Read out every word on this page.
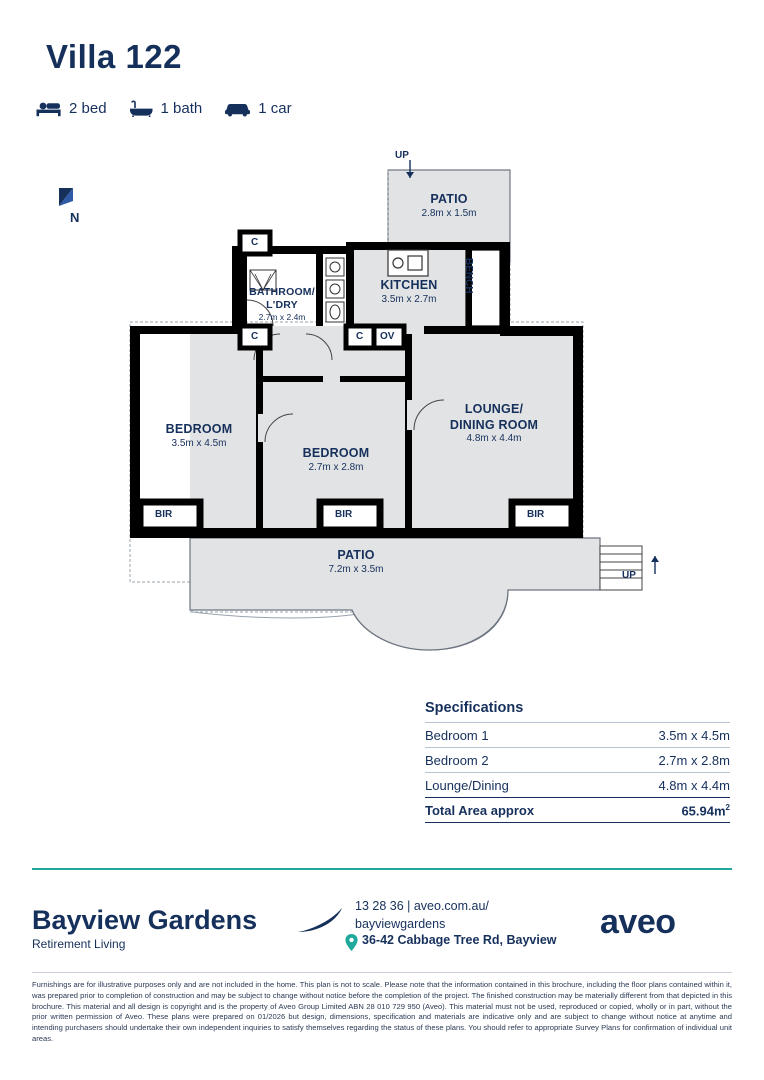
Villa 122
2 bed	1 bath	1 car
N
PATIO
2.8m x 1.5m
KITCHEN
3.5m x 2.7m
BATHROOM/
L'DRY
2.7m x 2.4m
BEDROOM
3.5m x 4.5m
BEDROOM
2.7m x 2.8m
LOUNGE/
DINING ROOM
4.8m x 4.4m
PATIO
7.2m x 3.5m
UP
UP
BENCH
BIR	BIR	BIR
C
C	C OV
Specifications
Bedroom 1	3.5m x 4.5m
Bedroom 2	2.7m x 2.8m
Lounge/Dining	4.8m x 4.4m
Total Area approx	$65.94m^2$
Bayview Gardens
Retirement Living
13 28 36 | aveo.com.au/
bayviewgardens
36-42 Cabbage Tree Rd, Bayview aveo
Furnishings are for illustrative purposes only and are not included in the home. This plan is not to scale. Please note that the information contained in this brochure, including the floor plans contained within it, was prepared prior to completion of construction and may be subject to change without notice before the completion of the project. The finished construction may be materially different from that depicted in this brochure. This material and all design is copyright and is the property of Aveo Group Limited ABN 28 010 729 950 (Aveo). This material must not be used, reproduced or copied, wholly or in part, without the prior written permission of Aveo. These plans were prepared on 01/2026 but design, dimensions, specification and materials are indicative only and are subject to change without notice at anytime and intending purchasers should undertake their own independent inquiries to satisfy themselves regarding the status of these plans. You should refer to appropriate Survey Plans for confirmation of individual unit areas.
